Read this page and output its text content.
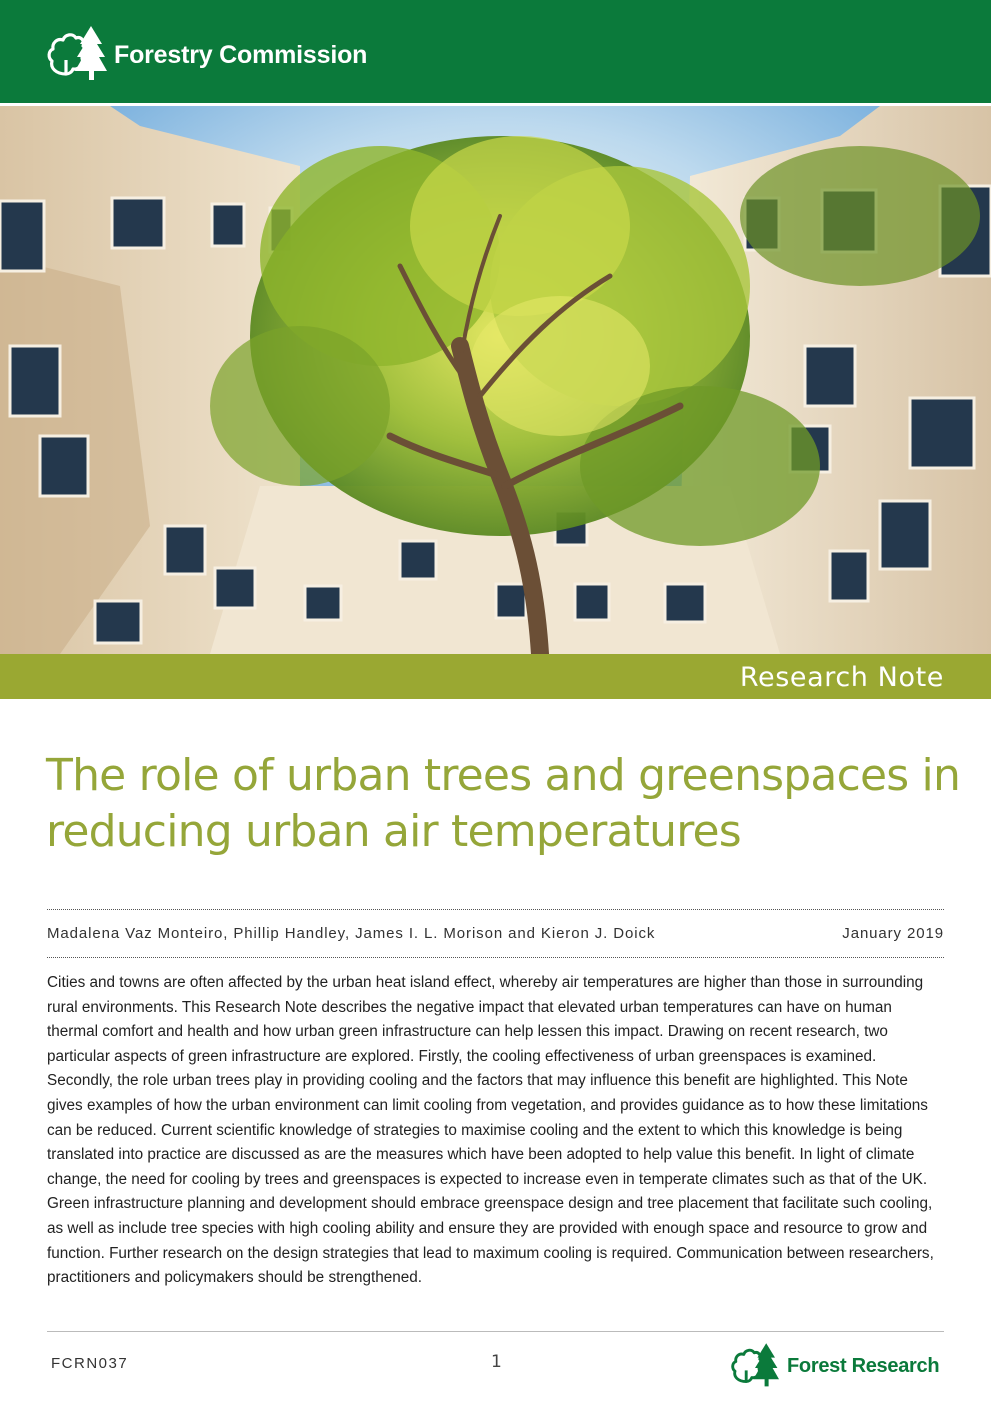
Forestry Commission
Research Note
The role of urban trees and greenspaces in reducing urban air temperatures
Madalena Vaz Monteiro, Phillip Handley, James I. L. Morison and Kieron J. Doick	January 2019

Cities and towns are often affected by the urban heat island effect, whereby air temperatures are higher than those in surrounding rural environments. This Research Note describes the negative impact that elevated urban temperatures can have on human thermal comfort and health and how urban green infrastructure can help lessen this impact. Drawing on recent research, two particular aspects of green infrastructure are explored. Firstly, the cooling effectiveness of urban greenspaces is examined. Secondly, the role urban trees play in providing cooling and the factors that may influence this benefit are highlighted. This Note gives examples of how the urban environment can limit cooling from vegetation, and provides guidance as to how these limitations can be reduced. Current scientific knowledge of strategies to maximise cooling and the extent to which this knowledge is being translated into practice are discussed as are the measures which have been adopted to help value this benefit. In light of climate change, the need for cooling by trees and greenspaces is expected to increase even in temperate climates such as that of the UK. Green infrastructure planning and development should embrace greenspace design and tree placement that facilitate such cooling, as well as include tree species with high cooling ability and ensure they are provided with enough space and resource to grow and function. Further research on the design strategies that lead to maximum cooling is required. Communication between researchers, practitioners and policymakers should be strengthened.

FCRN037	1	Forest Research
